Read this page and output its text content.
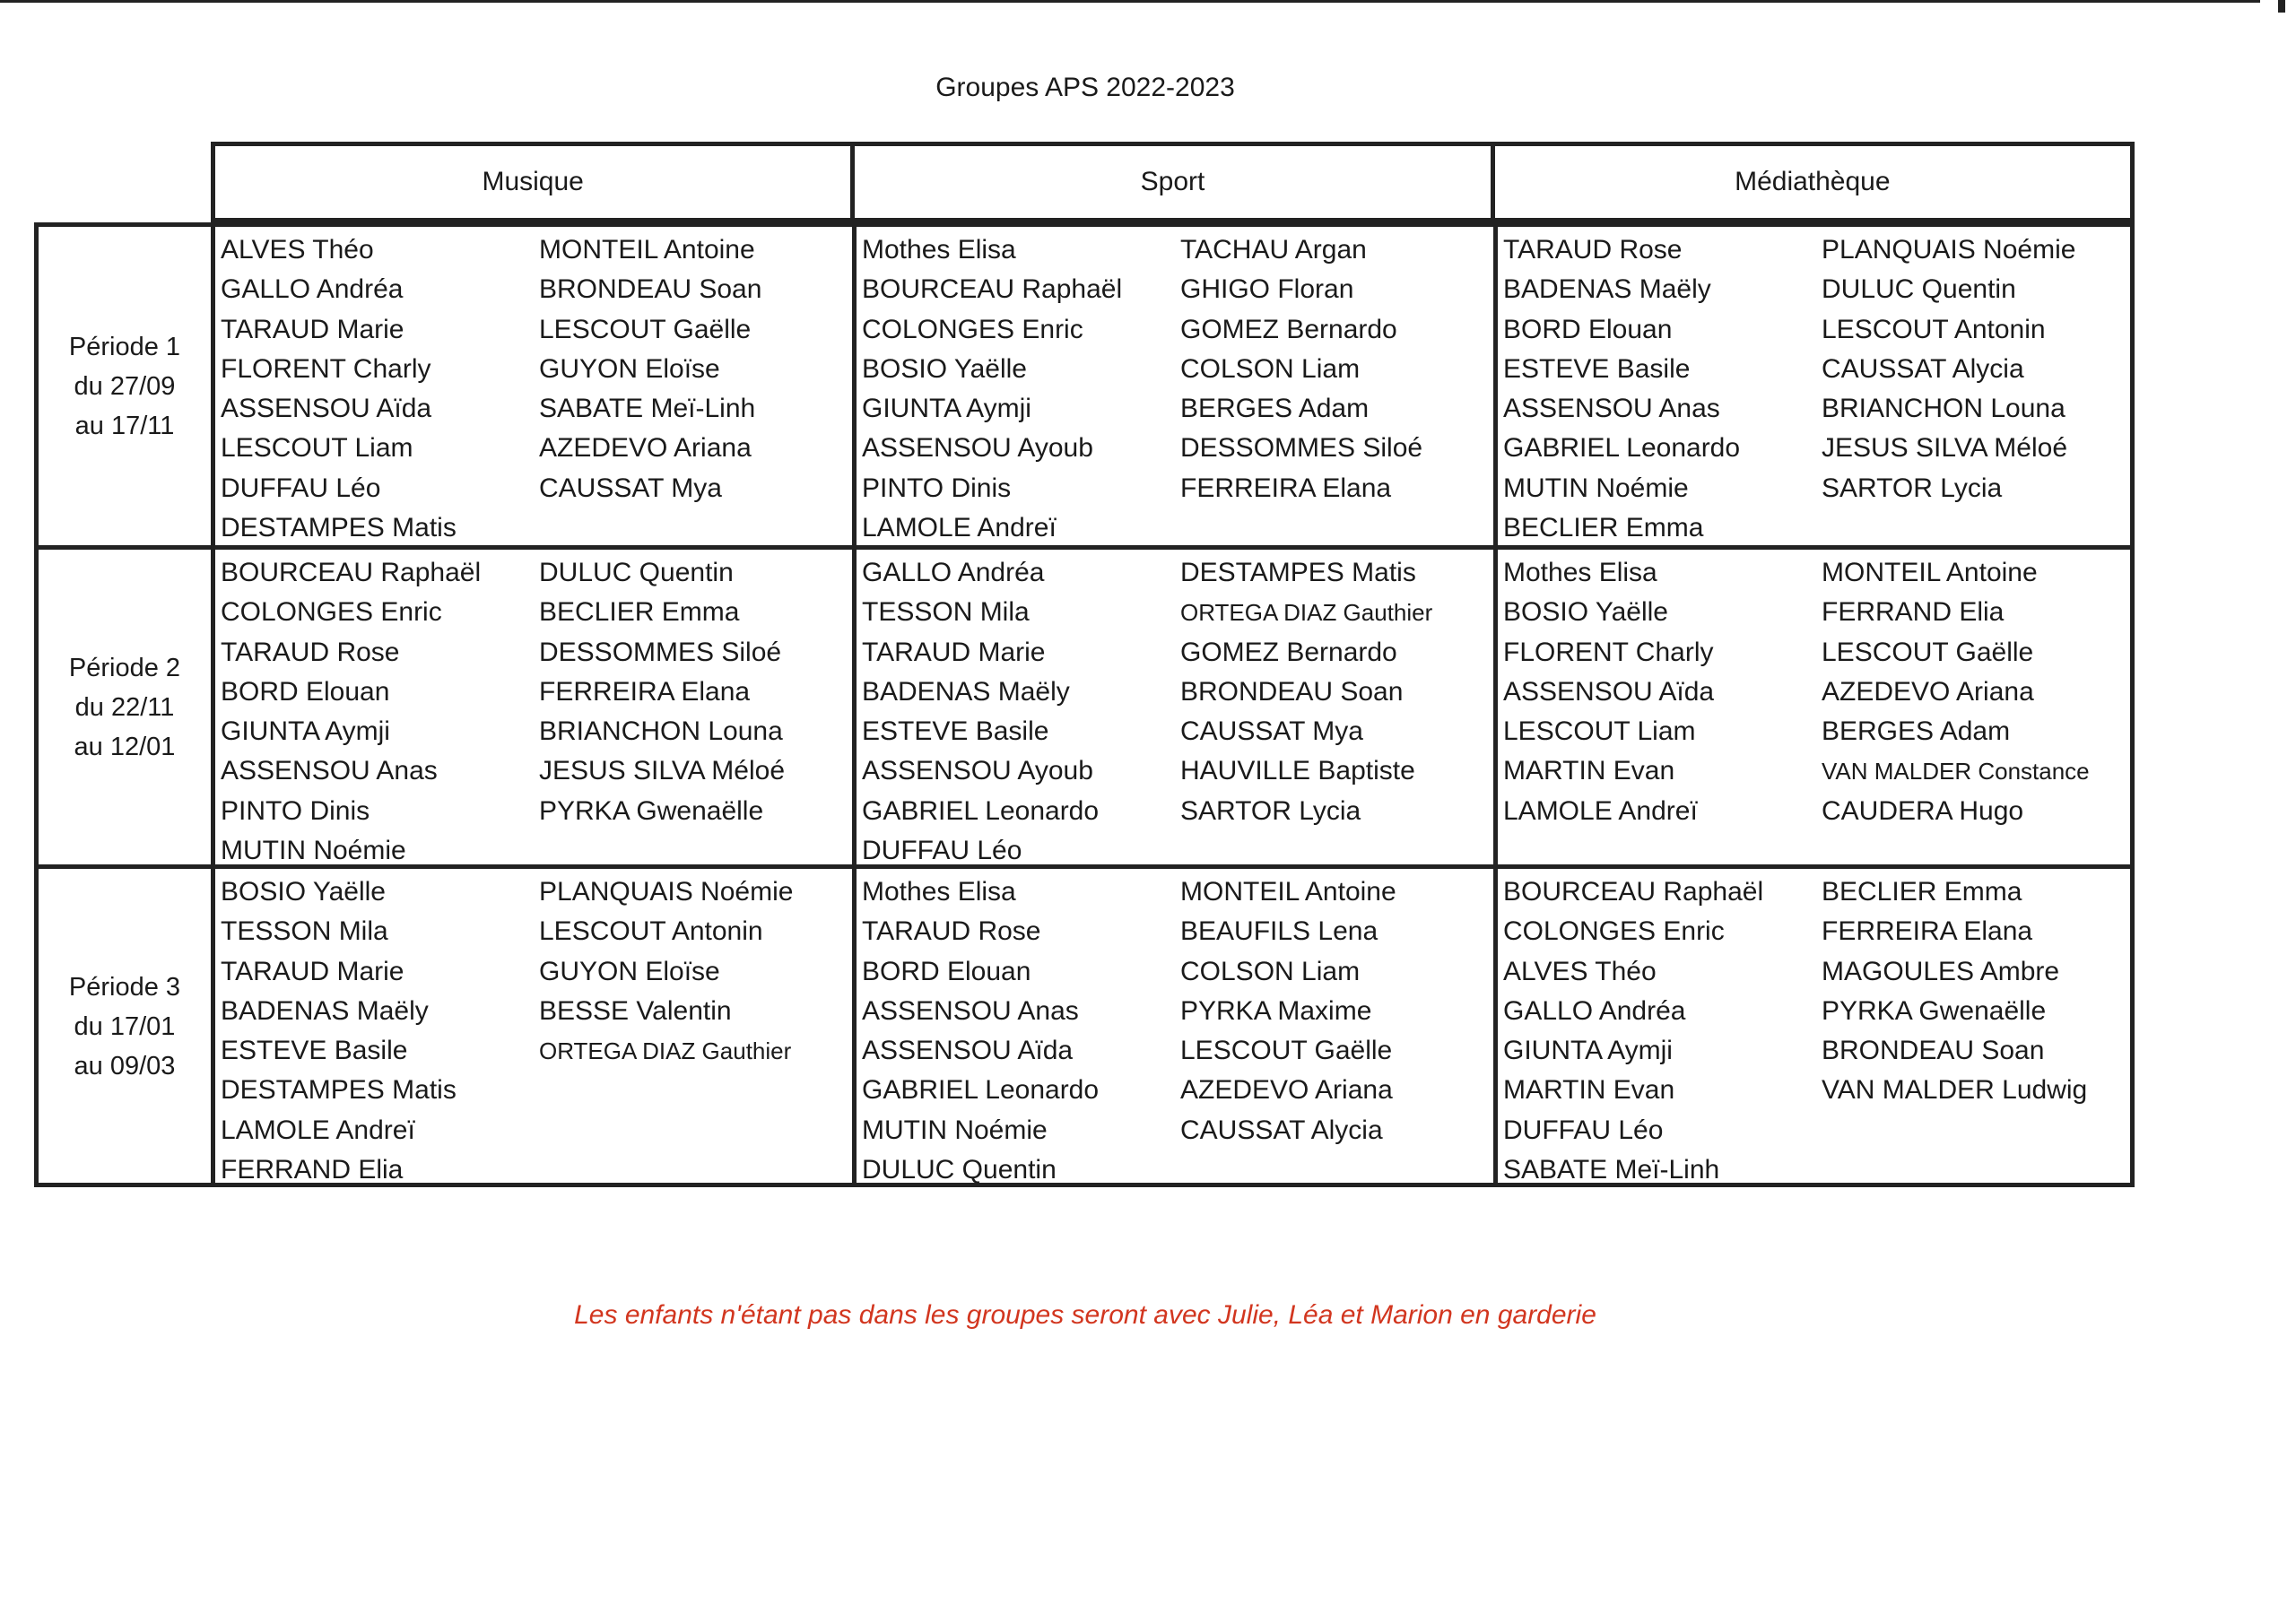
Groupes APS 2022-2023
Musique	Sport	Médiathèque
Période 1
du 27/09
au 17/11
ALVES Théo
GALLO Andréa
TARAUD Marie
FLORENT Charly
ASSENSOU Aïda
LESCOUT Liam
DUFFAU Léo
DESTAMPES Matis
MONTEIL Antoine
BRONDEAU Soan
LESCOUT Gaëlle
GUYON Eloïse
SABATE Meï-Linh
AZEDEVO Ariana
CAUSSAT Mya
Mothes Elisa
BOURCEAU Raphaël
COLONGES Enric
BOSIO Yaëlle
GIUNTA Aymji
ASSENSOU Ayoub
PINTO Dinis
LAMOLE Andreï
TACHAU Argan
GHIGO Floran
GOMEZ Bernardo
COLSON Liam
BERGES Adam
DESSOMMES Siloé
FERREIRA Elana
TARAUD Rose
BADENAS Maëly
BORD Elouan
ESTEVE Basile
ASSENSOU Anas
GABRIEL Leonardo
MUTIN Noémie
BECLIER Emma
PLANQUAIS Noémie
DULUC Quentin
LESCOUT Antonin
CAUSSAT Alycia
BRIANCHON Louna
JESUS SILVA Méloé
SARTOR Lycia
Période 2
du 22/11
au 12/01
BOURCEAU Raphaël
COLONGES Enric
TARAUD Rose
BORD Elouan
GIUNTA Aymji
ASSENSOU Anas
PINTO Dinis
MUTIN Noémie
DULUC Quentin
BECLIER Emma
DESSOMMES Siloé
FERREIRA Elana
BRIANCHON Louna
JESUS SILVA Méloé
PYRKA Gwenaëlle
GALLO Andréa
TESSON Mila
TARAUD Marie
BADENAS Maëly
ESTEVE Basile
ASSENSOU Ayoub
GABRIEL Leonardo
DUFFAU Léo
DESTAMPES Matis
ORTEGA DIAZ Gauthier
GOMEZ Bernardo
BRONDEAU Soan
CAUSSAT Mya
HAUVILLE Baptiste
SARTOR Lycia
Mothes Elisa
BOSIO Yaëlle
FLORENT Charly
ASSENSOU Aïda
LESCOUT Liam
MARTIN Evan
LAMOLE Andreï
MONTEIL Antoine
FERRAND Elia
LESCOUT Gaëlle
AZEDEVO Ariana
BERGES Adam
VAN MALDER Constance
CAUDERA Hugo
Période 3
du 17/01
au 09/03
BOSIO Yaëlle
TESSON Mila
TARAUD Marie
BADENAS Maëly
ESTEVE Basile
DESTAMPES Matis
LAMOLE Andreï
FERRAND Elia
PLANQUAIS Noémie
LESCOUT Antonin
GUYON Eloïse
BESSE Valentin
ORTEGA DIAZ Gauthier
Mothes Elisa
TARAUD Rose
BORD Elouan
ASSENSOU Anas
ASSENSOU Aïda
GABRIEL Leonardo
MUTIN Noémie
DULUC Quentin
MONTEIL Antoine
BEAUFILS Lena
COLSON Liam
PYRKA Maxime
LESCOUT Gaëlle
AZEDEVO Ariana
CAUSSAT Alycia
BOURCEAU Raphaël
COLONGES Enric
ALVES Théo
GALLO Andréa
GIUNTA Aymji
MARTIN Evan
DUFFAU Léo
SABATE Meï-Linh
BECLIER Emma
FERREIRA Elana
MAGOULES Ambre
PYRKA Gwenaëlle
BRONDEAU Soan
VAN MALDER Ludwig
Les enfants n'étant pas dans les groupes seront avec Julie, Léa et Marion en garderie
